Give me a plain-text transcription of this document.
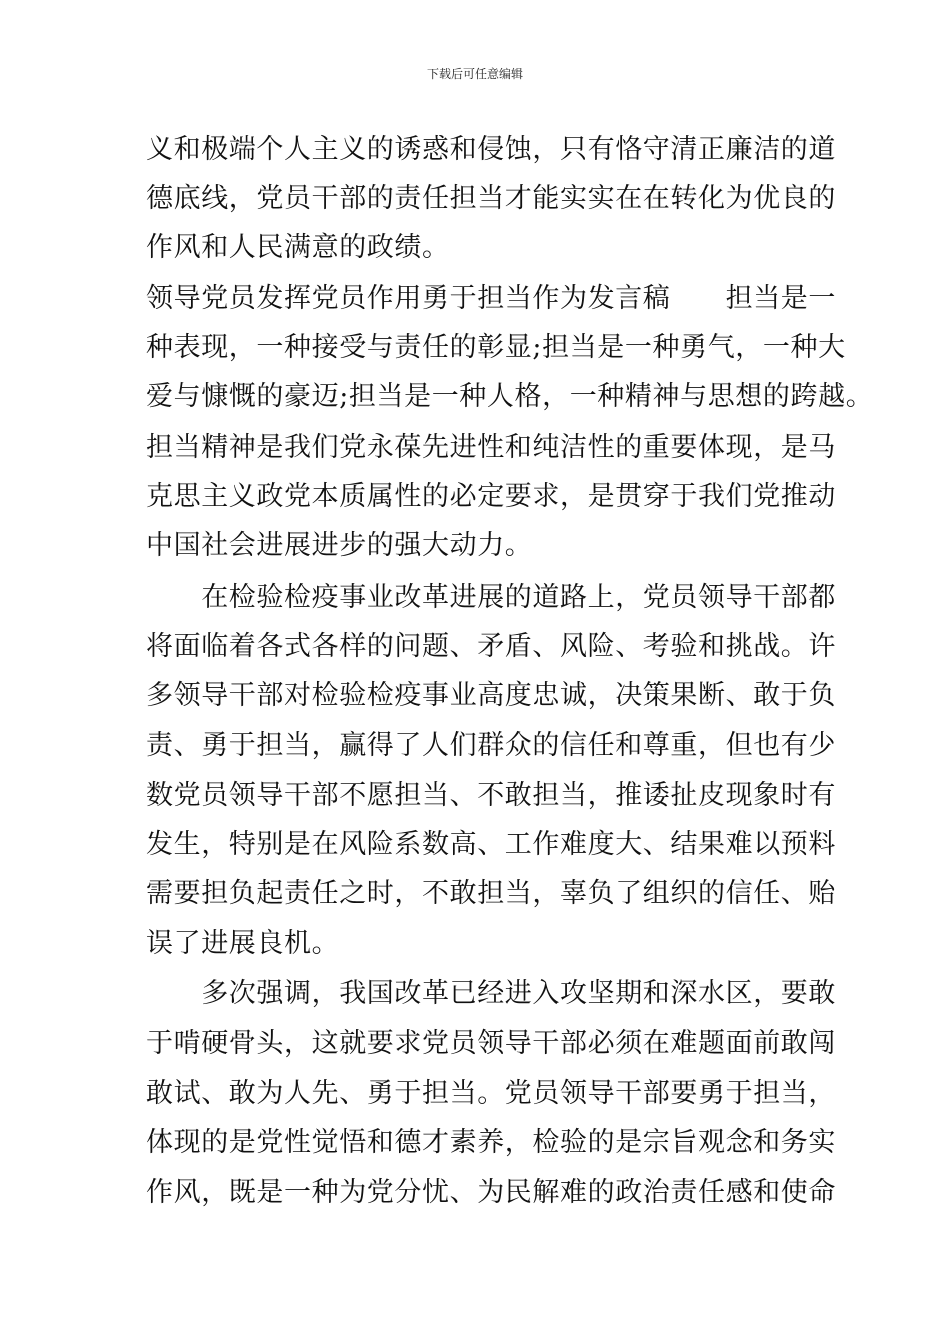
下载后可任意编辑
义和极端个人主义的诱惑和侵蚀，只有恪守清正廉洁的道
德底线，党员干部的责任担当才能实实在在转化为优良的
作风和人民满意的政绩。
领导党员发挥党员作用勇于担当作为发言稿　　担当是一
种表现，一种接受与责任的彰显;担当是一种勇气，一种大
爱与慷慨的豪迈;担当是一种人格，一种精神与思想的跨越。
担当精神是我们党永葆先进性和纯洁性的重要体现，是马
克思主义政党本质属性的必定要求，是贯穿于我们党推动
中国社会进展进步的强大动力。
　　在检验检疫事业改革进展的道路上，党员领导干部都
将面临着各式各样的问题、矛盾、风险、考验和挑战。许
多领导干部对检验检疫事业高度忠诚，决策果断、敢于负
责、勇于担当，赢得了人们群众的信任和尊重，但也有少
数党员领导干部不愿担当、不敢担当，推诿扯皮现象时有
发生，特别是在风险系数高、工作难度大、结果难以预料
需要担负起责任之时，不敢担当，辜负了组织的信任、贻
误了进展良机。
　　多次强调，我国改革已经进入攻坚期和深水区，要敢
于啃硬骨头，这就要求党员领导干部必须在难题面前敢闯
敢试、敢为人先、勇于担当。党员领导干部要勇于担当，
体现的是党性觉悟和德才素养，检验的是宗旨观念和务实
作风，既是一种为党分忧、为民解难的政治责任感和使命
